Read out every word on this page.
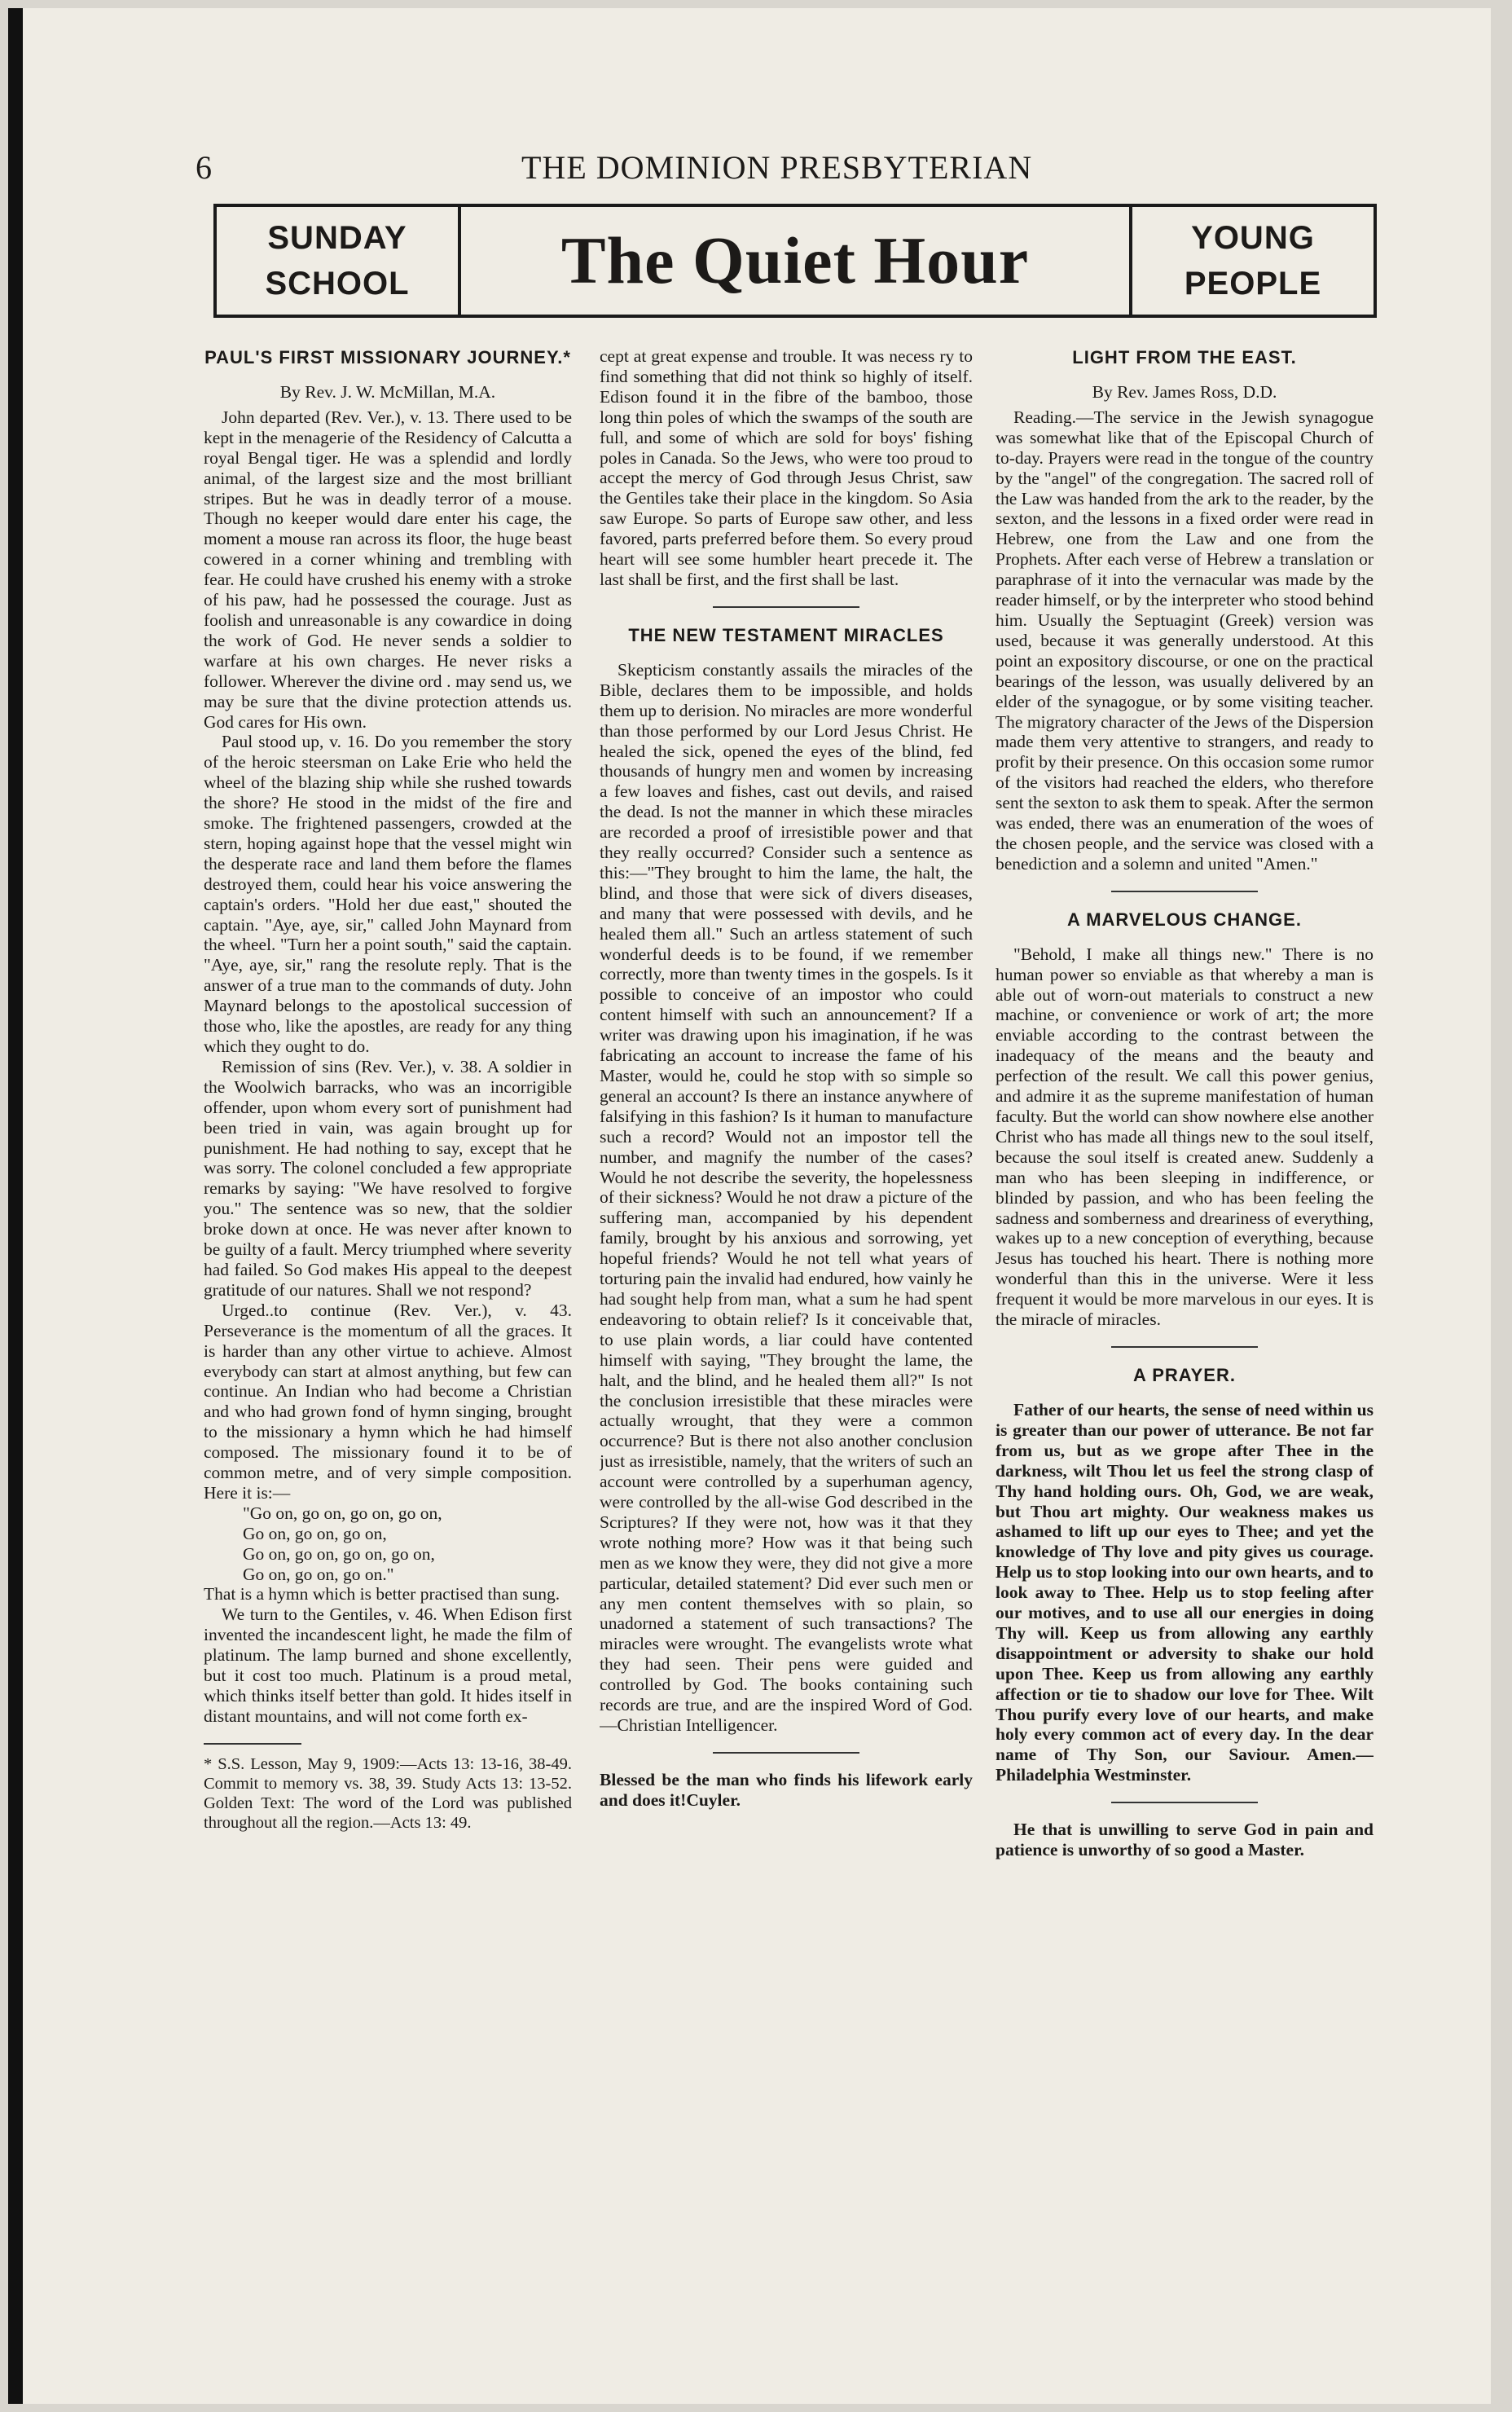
6	THE DOMINION PRESBYTERIAN
SUNDAY
SCHOOL The Quiet Hour	YOUNG
PEOPLE
PAUL'S FIRST MISSIONARY JOURNEY.*
By Rev. J. W. McMillan, M.A.

John departed (Rev. Ver.), v. 13. There used to be kept in the menagerie of the Residency of Calcutta a royal Bengal tiger. He was a splendid and lordly animal, of the largest size and the most brilliant stripes. But he was in deadly terror of a mouse. Though no keeper would dare enter his cage, the moment a mouse ran across its floor, the huge beast cowered in a corner whining and trembling with fear. He could have crushed his enemy with a stroke of his paw, had he possessed the courage. Just as foolish and unreasonable is any cowardice in doing the work of God. He never sends a soldier to warfare at his own charges. He never risks a follower. Wherever the divine ord . may send us, we may be sure that the divine protection attends us. God cares for His own.

Paul stood up, v. 16. Do you remember the story of the heroic steersman on Lake Erie who held the wheel of the blazing ship while she rushed towards the shore? He stood in the midst of the fire and smoke. The frightened passengers, crowded at the stern, hoping against hope that the vessel might win the desperate race and land them before the flames destroyed them, could hear his voice answering the captain's orders. "Hold her due east," shouted the captain. "Aye, aye, sir," called John Maynard from the wheel. "Turn her a point south," said the captain. "Aye, aye, sir," rang the resolute reply. That is the answer of a true man to the commands of duty. John Maynard belongs to the apostolical succession of those who, like the apostles, are ready for any thing which they ought to do.

Remission of sins (Rev. Ver.), v. 38. A soldier in the Woolwich barracks, who was an incorrigible offender, upon whom every sort of punishment had been tried in vain, was again brought up for punishment. He had nothing to say, except that he was sorry. The colonel concluded a few appropriate remarks by saying: "We have resolved to forgive you." The sentence was so new, that the soldier broke down at once. He was never after known to be guilty of a fault. Mercy triumphed where severity had failed. So God makes His appeal to the deepest gratitude of our natures. Shall we not respond?

Urged..to continue (Rev. Ver.), v. 43. Perseverance is the momentum of all the graces. It is harder than any other virtue to achieve. Almost everybody can start at almost anything, but few can continue. An Indian who had become a Christian and who had grown fond of hymn singing, brought to the missionary a hymn which he had himself composed. The missionary found it to be of common metre, and of very simple composition. Here it is:—

"Go on, go on, go on, go on,

Go on, go on, go on,

Go on, go on, go on, go on,

Go on, go on, go on."

That is a hymn which is better practised than sung.

We turn to the Gentiles, v. 46. When Edison first invented the incandescent light, he made the film of platinum. The lamp burned and shone excellently, but it cost too much. Platinum is a proud metal, which thinks itself better than gold. It hides itself in distant mountains, and will not come forth ex-

* S.S. Lesson, May 9, 1909:—Acts 13: 13-16, 38-49. Commit to memory vs. 38, 39. Study Acts 13: 13-52. Golden Text: The word of the Lord was published throughout all the region.—Acts 13: 49.

cept at great expense and trouble. It was necess ry to find something that did not think so highly of itself. Edison found it in the fibre of the bamboo, those long thin poles of which the swamps of the south are full, and some of which are sold for boys' fishing poles in Canada. So the Jews, who were too proud to accept the mercy of God through Jesus Christ, saw the Gentiles take their place in the kingdom. So Asia saw Europe. So parts of Europe saw other, and less favored, parts preferred before them. So every proud heart will see some humbler heart precede it. The last shall be first, and the first shall be last.

THE NEW TESTAMENT MIRACLES

Skepticism constantly assails the miracles of the Bible, declares them to be impossible, and holds them up to derision. No miracles are more wonderful than those performed by our Lord Jesus Christ. He healed the sick, opened the eyes of the blind, fed thousands of hungry men and women by increasing a few loaves and fishes, cast out devils, and raised the dead. Is not the manner in which these miracles are recorded a proof of irresistible power and that they really occurred? Consider such a sentence as this:—"They brought to him the lame, the halt, the blind, and those that were sick of divers diseases, and many that were possessed with devils, and he healed them all." Such an artless statement of such wonderful deeds is to be found, if we remember correctly, more than twenty times in the gospels. Is it possible to conceive of an impostor who could content himself with such an announcement? If a writer was drawing upon his imagination, if he was fabricating an account to increase the fame of his Master, would he, could he stop with so simple so general an account? Is there an instance anywhere of falsifying in this fashion? Is it human to manufacture such a record? Would not an impostor tell the number, and magnify the number of the cases? Would he not describe the severity, the hopelessness of their sickness? Would he not draw a picture of the suffering man, accompanied by his dependent family, brought by his anxious and sorrowing, yet hopeful friends? Would he not tell what years of torturing pain the invalid had endured, how vainly he had sought help from man, what a sum he had spent endeavoring to obtain relief? Is it conceivable that, to use plain words, a liar could have contented himself with saying, "They brought the lame, the halt, and the blind, and he healed them all?" Is not the conclusion irresistible that these miracles were actually wrought, that they were a common occurrence? But is there not also another conclusion just as irresistible, namely, that the writers of such an account were controlled by a superhuman agency, were controlled by the all-wise God described in the Scriptures? If they were not, how was it that they wrote nothing more? How was it that being such men as we know they were, they did not give a more particular, detailed statement? Did ever such men or any men content themselves with so plain, so unadorned a statement of such transactions? The miracles were wrought. The evangelists wrote what they had seen. Their pens were guided and controlled by God. The books containing such records are true, and are the inspired Word of God.—Christian Intelligencer.

Blessed be the man who finds his lifework early and does it!Cuyler.

LIGHT FROM THE EAST.
By Rev. James Ross, D.D.

Reading.—The service in the Jewish synagogue was somewhat like that of the Episcopal Church of to-day. Prayers were read in the tongue of the country by the "angel" of the congregation. The sacred roll of the Law was handed from the ark to the reader, by the sexton, and the lessons in a fixed order were read in Hebrew, one from the Law and one from the Prophets. After each verse of Hebrew a translation or paraphrase of it into the vernacular was made by the reader himself, or by the interpreter who stood behind him. Usually the Septuagint (Greek) version was used, because it was generally understood. At this point an expository discourse, or one on the practical bearings of the lesson, was usually delivered by an elder of the synagogue, or by some visiting teacher. The migratory character of the Jews of the Dispersion made them very attentive to strangers, and ready to profit by their presence. On this occasion some rumor of the visitors had reached the elders, who therefore sent the sexton to ask them to speak. After the sermon was ended, there was an enumeration of the woes of the chosen people, and the service was closed with a benediction and a solemn and united "Amen."

A MARVELOUS CHANGE.

"Behold, I make all things new." There is no human power so enviable as that whereby a man is able out of worn-out materials to construct a new machine, or convenience or work of art; the more enviable according to the contrast between the inadequacy of the means and the beauty and perfection of the result. We call this power genius, and admire it as the supreme manifestation of human faculty. But the world can show nowhere else another Christ who has made all things new to the soul itself, because the soul itself is created anew. Suddenly a man who has been sleeping in indifference, or blinded by passion, and who has been feeling the sadness and somberness and dreariness of everything, wakes up to a new conception of everything, because Jesus has touched his heart. There is nothing more wonderful than this in the universe. Were it less frequent it would be more marvelous in our eyes. It is the miracle of miracles.

A PRAYER.

Father of our hearts, the sense of need within us is greater than our power of utterance. Be not far from us, but as we grope after Thee in the darkness, wilt Thou let us feel the strong clasp of Thy hand holding ours. Oh, God, we are weak, but Thou art mighty. Our weakness makes us ashamed to lift up our eyes to Thee; and yet the knowledge of Thy love and pity gives us courage. Help us to stop looking into our own hearts, and to look away to Thee. Help us to stop feeling after our motives, and to use all our energies in doing Thy will. Keep us from allowing any earthly disappointment or adversity to shake our hold upon Thee. Keep us from allowing any earthly affection or tie to shadow our love for Thee. Wilt Thou purify every love of our hearts, and make holy every common act of every day. In the dear name of Thy Son, our Saviour. Amen.—Philadelphia Westminster.

He that is unwilling to serve God in pain and patience is unworthy of so good a Master.
